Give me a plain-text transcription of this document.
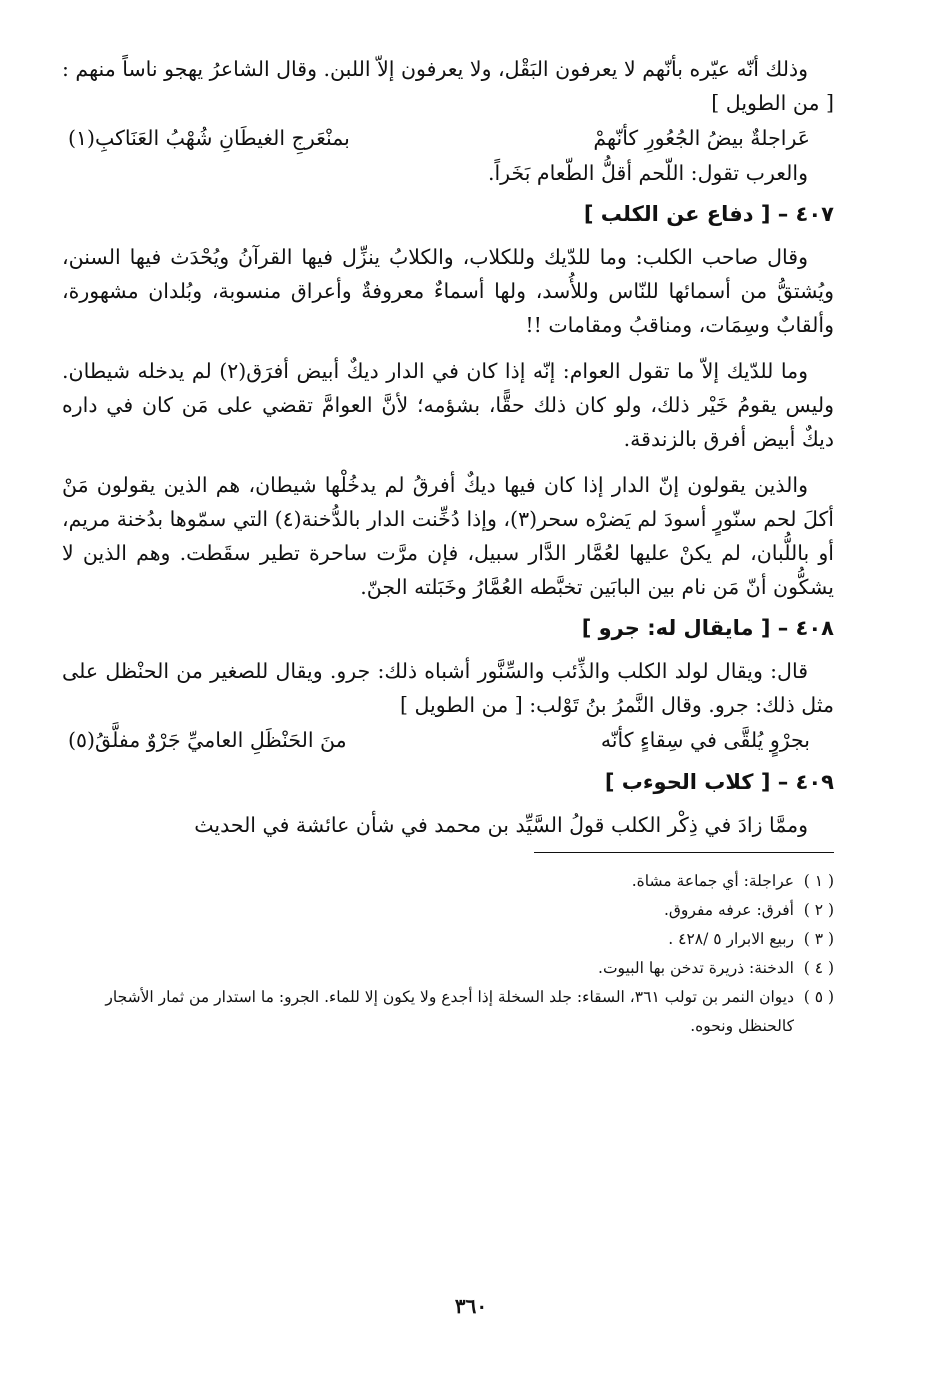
وذلك أنّه عيّره بأنّهم لا يعرفون البَقْل، ولا يعرفون إلاّ اللبن. وقال الشاعرُ يهجو ناساً منهم : [ من الطويل ]

عَراجلةٌ بيضُ الجُعُورِ كأنّهمْ
بمنْعَرجِ الغيطَانِ شُهْبُ العَنَاكبِ(١)

والعرب تقول: اللّحم أقلُّ الطّعام بَخَراً.

٤٠٧ – [ دفاع عن الكلب ]

وقال صاحب الكلب: وما للدّيك وللكلاب، والكلابُ ينزِّل فيها القرآنُ ويُحْدَث فيها السنن، ويُشتقُّ من أسمائها للنّاس وللأُسد، ولها أسماءٌ معروفةٌ وأعراق منسوبة، وبُلدان مشهورة، وألقابٌ وسِمَات، ومناقبُ ومقامات !!

وما للدّيك إلاّ ما تقول العوام: إنّه إذا كان في الدار ديكٌ أبيض أفرَق(٢) لم يدخله شيطان. وليس يقومُ خَيْر ذلك، ولو كان ذلك حقًّا، بشؤمه؛ لأنَّ العوامَّ تقضي على مَن كان في داره ديكٌ أبيض أفرق بالزندقة.

والذين يقولون إنّ الدار إذا كان فيها ديكٌ أفرقُ لم يدخُلْها شيطان، هم الذين يقولون مَنْ أكلَ لحم سنّورٍ أسودَ لم يَضرْه سحر(٣)، وإذا دُخِّنت الدار بالدُّخنة(٤) التي سمّوها بدُخنة مريم، أو باللُّبان، لم يكنْ عليها لعُمَّار الدَّار سبيل، فإن مرَّت ساحرة تطير سقَطت. وهم الذين لا يشكُّون أنّ مَن نام بين البابَين تخبَّطه العُمَّارُ وخَبَلته الجنّ.

٤٠٨ – [ مايقال له: جرو ]

قال: ويقال لولد الكلب والذِّئب والسِّنَّور أشباه ذلك: جرو. ويقال للصغير من الحنْظل على مثل ذلك: جرو. وقال النَّمرُ بنُ تَوْلب: [ من الطويل ]

بجرْوٍ يُلقَّى في سِقاءٍ كأنّه
منَ الحَنْظَلِ العاميِّ جَرْوٌ مفلَّقُ(٥)
٤٠٩ – [ كلاب الحوءب ]

وممَّا زادَ في ذِكْر الكلب قولُ السَّيِّد بن محمد في شأن عائشة في الحديث

( ١ )
عراجلة: أي جماعة مشاة.
( ٢ )
أفرق: عرفه مفروق.
( ٣ )
ربيع الابرار ٥ /٤٢٨ .
( ٤ )
الدخنة: ذريرة تدخن بها البيوت.
( ٥ )
ديوان النمر بن تولب ٣٦١، السقاء: جلد السخلة إذا أجدع ولا يكون إلا للماء. الجرو: ما استدار من ثمار الأشجار كالحنظل ونحوه.
٣٦٠
